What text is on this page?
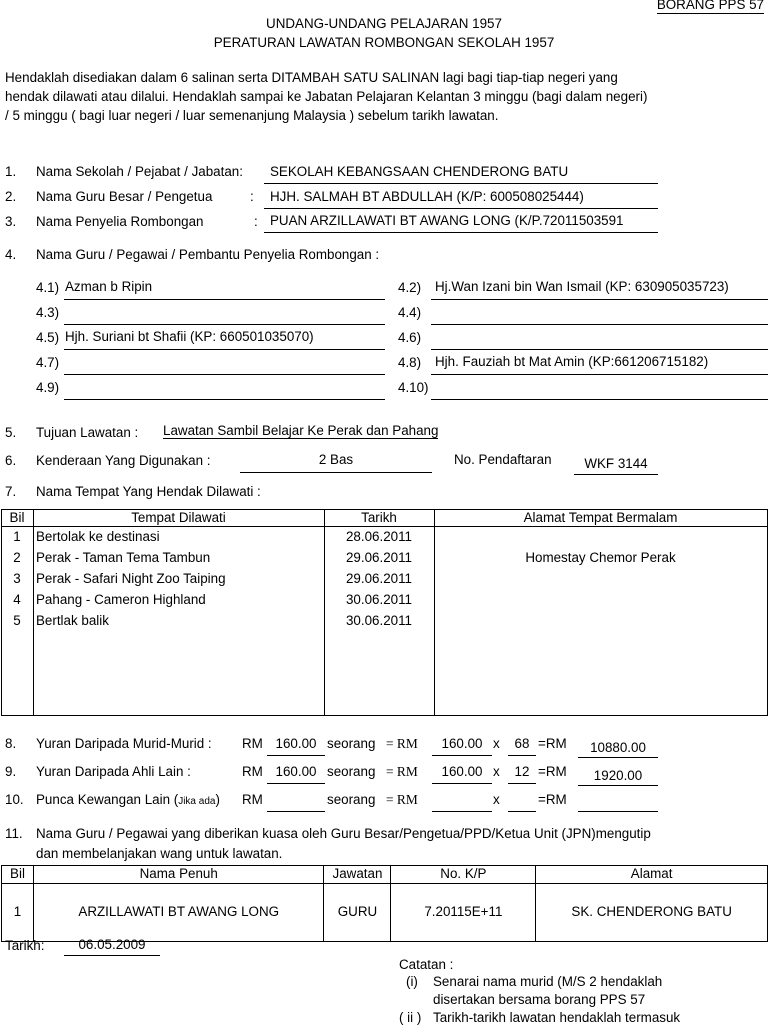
BORANG PPS 57
UNDANG-UNDANG PELAJARAN 1957
PERATURAN LAWATAN ROMBONGAN SEKOLAH 1957
Hendaklah disediakan dalam 6 salinan serta DITAMBAH SATU SALINAN lagi bagi tiap-tiap negeri yang
hendak dilawati atau dilalui. Hendaklah sampai ke Jabatan Pelajaran Kelantan 3 minggu (bagi dalam negeri)
/ 5 minggu ( bagi luar negeri / luar semenanjung Malaysia ) sebelum tarikh lawatan.
1. Nama Sekolah / Pejabat / Jabatan: SEKOLAH KEBANGSAAN CHENDERONG BATU
2. Nama Guru Besar / Pengetua	: HJH. SALMAH BT ABDULLAH (K/P: 600508025444)
3. Nama Penyelia Rombongan	: PUAN ARZILLAWATI BT AWANG LONG (K/P.72011503591
4. Nama Guru / Pegawai / Pembantu Penyelia Rombongan :
4.1) Azman b Ripin	4.2) Hj.Wan Izani bin Wan Ismail (KP: 630905035723)
4.3)	4.4)
4.5) Hjh. Suriani bt Shafii (KP: 660501035070)	4.6)
4.7)	4.8) Hjh. Fauziah bt Mat Amin (KP:661206715182)
4.9)	4.10)
5. Tujuan Lawatan : Lawatan Sambil Belajar Ke Perak dan Pahang
6. Kenderaan Yang Digunakan :	2 Bas	No. Pendaftaran	WKF 3144
7. Nama Tempat Yang Hendak Dilawati :
Bil	Tempat Dilawati	Tarikh	Alamat Tempat Bermalam
1	Bertolak ke destinasi	28.06.2011
2	Perak - Taman Tema Tambun	29.06.2011	Homestay Chemor Perak
3	Perak - Safari Night Zoo Taiping	29.06.2011
4	Pahang - Cameron Highland	30.06.2011
5	Bertlak balik	30.06.2011
8. Yuran Daripada Murid-Murid : RM 160.00 seorang = RM	160.00 x	68 =RM	10880.00
9. Yuran Daripada Ahli Lain :	RM 160.00 seorang = RM	160.00 x	12 =RM	1920.00
10. Punca Kewangan Lain (Jika ada) RM	seorang = RM	x	=RM
11. Nama Guru / Pegawai yang diberikan kuasa oleh Guru Besar/Pengetua/PPD/Ketua Unit (JPN)mengutip
dan membelanjakan wang untuk lawatan.
Bil	Nama Penuh	Jawatan	No. K/P	Alamat
1	ARZILLAWATI BT AWANG LONG	GURU	7.20115E+11	SK. CHENDERONG BATU
Tarikh:	06.05.2009
Catatan :
(i) Senarai nama murid (M/S 2 hendaklah
disertakan bersama borang PPS 57
( ii ) Tarikh-tarikh lawatan hendaklah termasuk
